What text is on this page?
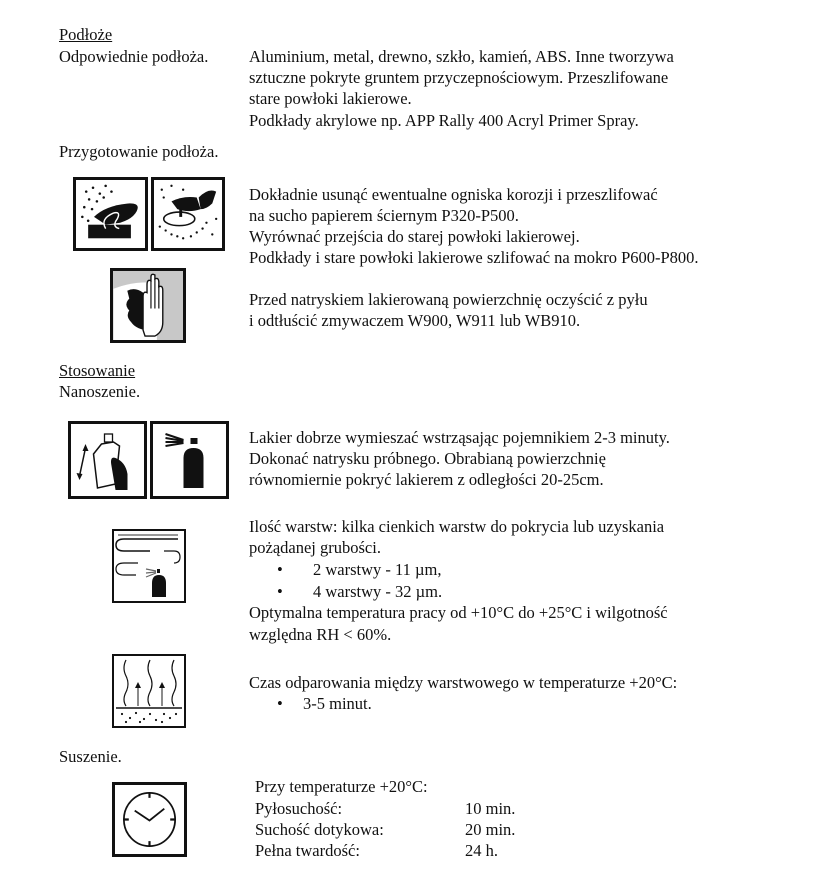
Podłoże
Odpowiednie podłoża. Aluminium, metal, drewno, szkło, kamień, ABS. Inne tworzywa
sztuczne pokryte gruntem przyczepnościowym. Przeszlifowane
stare powłoki lakierowe.
Podkłady akrylowe np. APP Rally 400 Acryl Primer Spray.
Przygotowanie podłoża.
Dokładnie usunąć ewentualne ogniska korozji i przeszlifować
na sucho papierem ściernym P320-P500.
Wyrównać przejścia do starej powłoki lakierowej.
Podkłady i stare powłoki lakierowe szlifować na mokro P600-P800.
Przed natryskiem lakierowaną powierzchnię oczyścić z pyłu
i odtłuścić zmywaczem W900, W911 lub WB910.
Stosowanie
Nanoszenie.
Lakier dobrze wymieszać wstrząsając pojemnikiem 2-3 minuty.
Dokonać natrysku próbnego. Obrabianą powierzchnię
równomiernie pokryć lakierem z odległości 20-25cm.
Ilość warstw: kilka cienkich warstw do pokrycia lub uzyskania
pożądanej grubości.
• 2 warstwy - 11 µm,
• 4 warstwy - 32 µm.
Optymalna temperatura pracy od +10°C do +25°C i wilgotność
względna RH < 60%.
Czas odparowania między warstwowego w temperaturze +20°C:
• 3-5 minut.
Suszenie.
Przy temperaturze +20°C:
Pyłosuchość:	10 min.
Suchość dotykowa:	20 min.
Pełna twardość:	24 h.
